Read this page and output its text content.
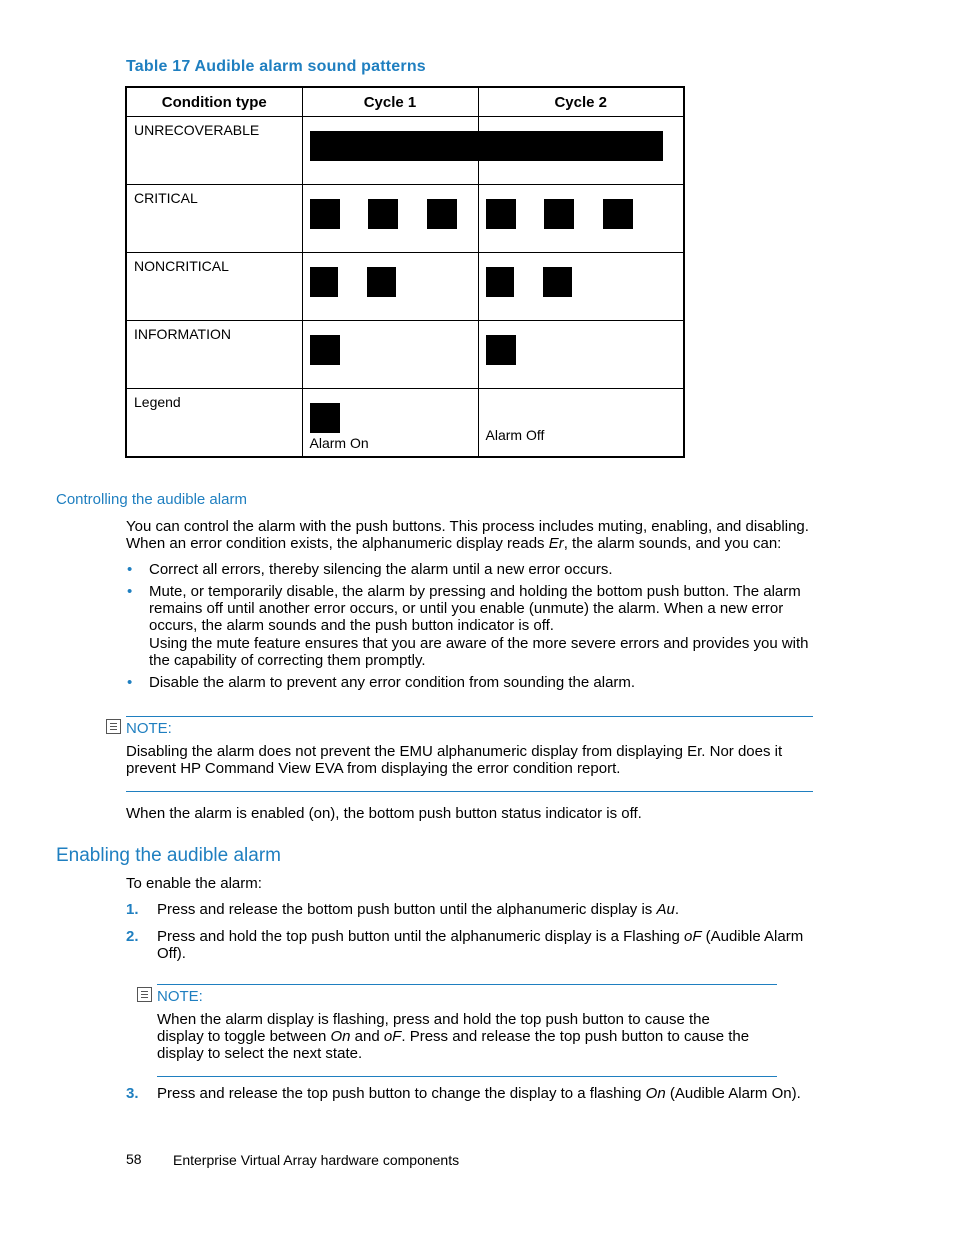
Table 17 Audible alarm sound patterns
Condition type	Cycle 1	Cycle 2

UNRECOVERABLE		

CRITICAL		

NONCRITICAL		

INFORMATION		

Legend	Alarm On	Alarm Off
Controlling the audible alarm

You can control the alarm with the push buttons. This process includes muting, enabling, and disabling.

When an error condition exists, the alphanumeric display reads Er, the alarm sounds, and you can:

• Correct all errors, thereby silencing the alarm until a new error occurs.
• Mute, or temporarily disable, the alarm by pressing and holding the bottom push button. The alarm remains off until another error occurs, or until you enable (unmute) the alarm. When a new error occurs, the alarm sounds and the push button indicator is off.
Using the mute feature ensures that you are aware of the more severe errors and provides you with the capability of correcting them promptly.
• Disable the alarm to prevent any error condition from sounding the alarm.
NOTE:

Disabling the alarm does not prevent the EMU alphanumeric display from displaying Er. Nor does it prevent HP Command View EVA from displaying the error condition report.

When the alarm is enabled (on), the bottom push button status indicator is off.

Enabling the audible alarm

To enable the alarm:

1. Press and release the bottom push button until the alphanumeric display is Au.
2. Press and hold the top push button until the alphanumeric display is a Flashing oF (Audible Alarm Off).
NOTE:

When the alarm display is flashing, press and hold the top push button to cause the display to toggle between On and oF. Press and release the top push button to cause the display to select the next state.

3. Press and release the top push button to change the display to a flashing On (Audible Alarm On).
58 Enterprise Virtual Array hardware components
